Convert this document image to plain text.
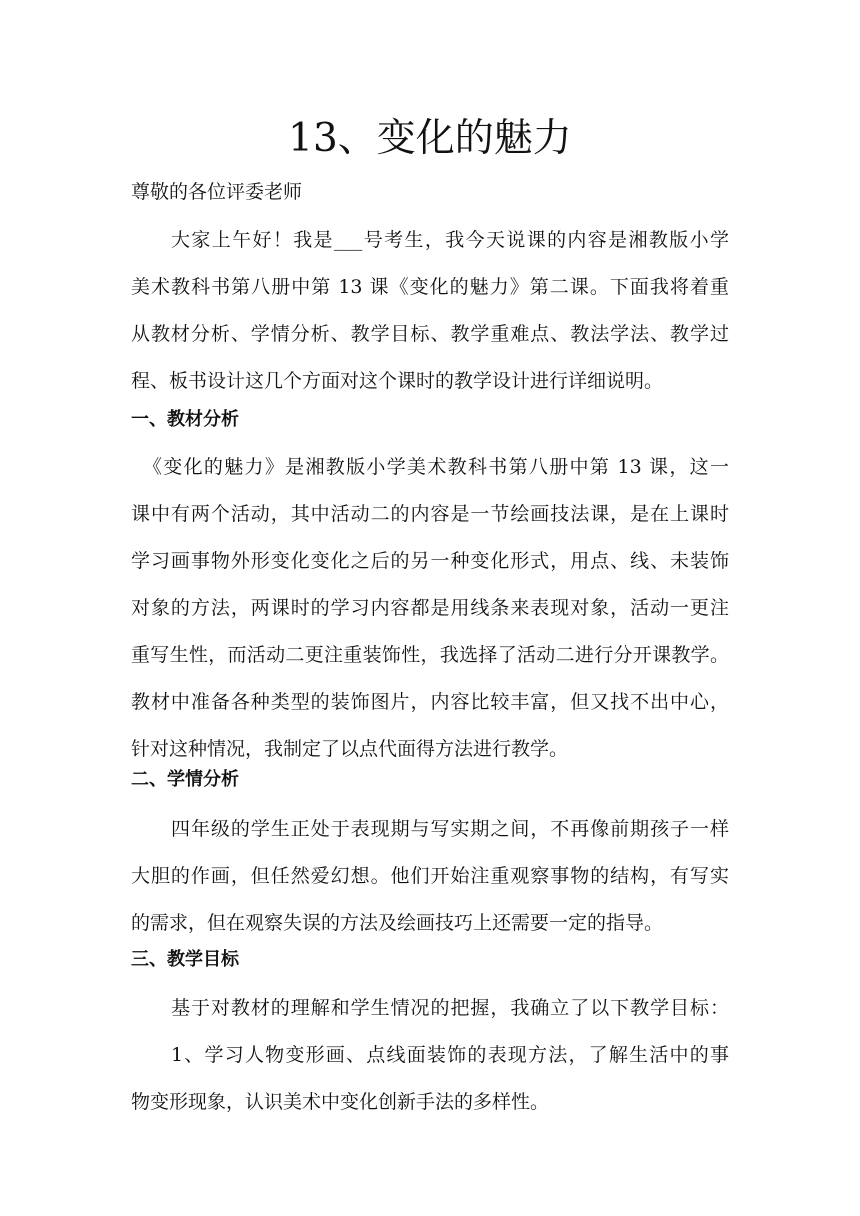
13、变化的魅力
尊敬的各位评委老师
大家上午好！我是___号考生，我今天说课的内容是湘教版小学
美术教科书第八册中第 13 课《变化的魅力》第二课。下面我将着重
从教材分析、学情分析、教学目标、教学重难点、教法学法、教学过
程、板书设计这几个方面对这个课时的教学设计进行详细说明。
一、教材分析
《变化的魅力》是湘教版小学美术教科书第八册中第 13 课，这一
课中有两个活动，其中活动二的内容是一节绘画技法课，是在上课时
学习画事物外形变化变化之后的另一种变化形式，用点、线、未装饰
对象的方法，两课时的学习内容都是用线条来表现对象，活动一更注
重写生性，而活动二更注重装饰性，我选择了活动二进行分开课教学。
教材中准备各种类型的装饰图片，内容比较丰富，但又找不出中心，
针对这种情况，我制定了以点代面得方法进行教学。
二、学情分析
四年级的学生正处于表现期与写实期之间，不再像前期孩子一样
大胆的作画，但任然爱幻想。他们开始注重观察事物的结构，有写实
的需求，但在观察失误的方法及绘画技巧上还需要一定的指导。
三、教学目标
基于对教材的理解和学生情况的把握，我确立了以下教学目标：
1、学习人物变形画、点线面装饰的表现方法，了解生活中的事
物变形现象，认识美术中变化创新手法的多样性。
